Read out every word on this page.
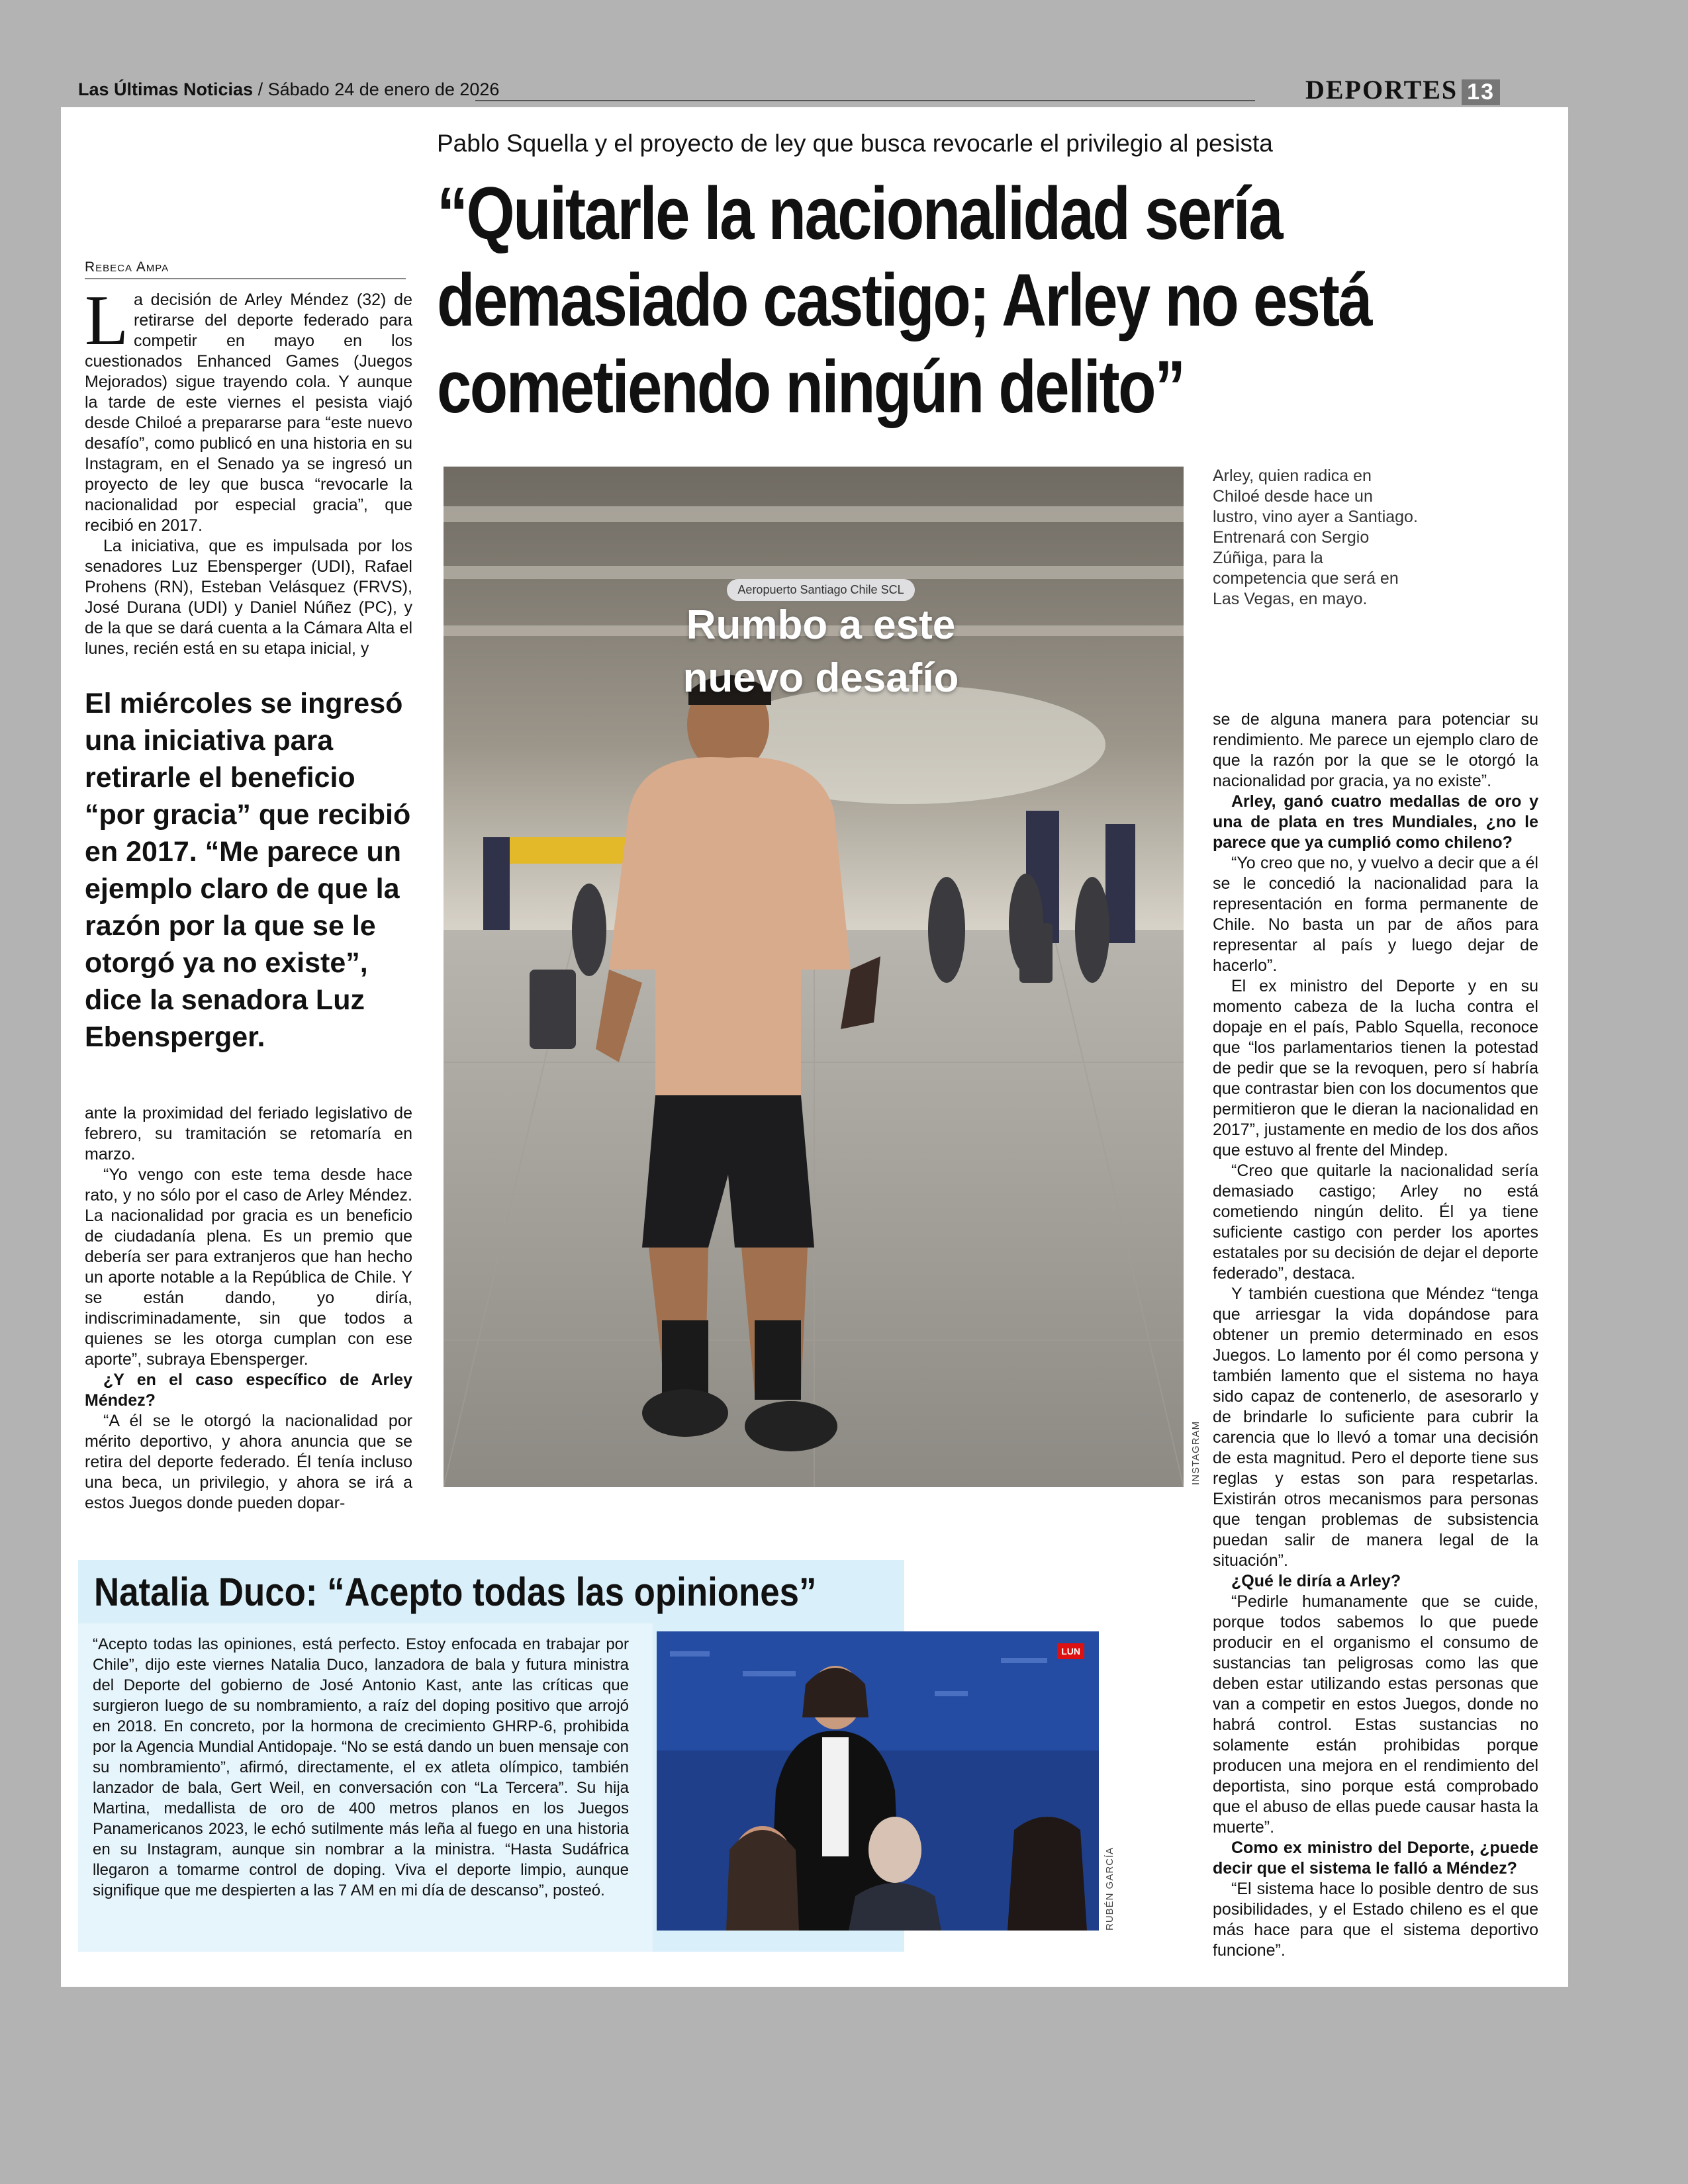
Las Últimas Noticias / Sábado 24 de enero de 2026	DEPORTES 13
Pablo Squella y el proyecto de ley que busca revocarle el privilegio al pesista
“Quitarle la nacionalidad sería
demasiado castigo; Arley no está
cometiendo ningún delito”
Rebeca Ampa

La decisión de Arley Méndez (32) de retirarse del deporte federado para competir en mayo en los cuestionados Enhanced Games (Juegos Mejorados) sigue trayendo cola. Y aunque la tarde de este viernes el pesista viajó desde Chiloé a prepararse para “este nuevo desafío”, como publicó en una historia en su Instagram, en el Senado ya se ingresó un proyecto de ley que busca “revocarle la nacionalidad por especial gracia”, que recibió en 2017.

La iniciativa, que es impulsada por los senadores Luz Ebensperger (UDI), Rafael Prohens (RN), Esteban Velásquez (FRVS), José Durana (UDI) y Daniel Núñez (PC), y de la que se dará cuenta a la Cámara Alta el lunes, recién está en su etapa inicial, y

El miércoles se ingresó una iniciativa para retirarle el beneficio “por gracia” que recibió en 2017. “Me parece un ejemplo claro de que la razón por la que se le otorgó ya no existe”, dice la senadora Luz Ebensperger.

ante la proximidad del feriado legislativo de febrero, su tramitación se retomaría en marzo.

“Yo vengo con este tema desde hace rato, y no sólo por el caso de Arley Méndez. La nacionalidad por gracia es un beneficio de ciudadanía plena. Es un premio que debería ser para extranjeros que han hecho un aporte notable a la República de Chile. Y se están dando, yo diría, indiscriminadamente, sin que todos a quienes se les otorga cumplan con ese aporte”, subraya Ebensperger.

¿Y en el caso específico de Arley Méndez?

“A él se le otorgó la nacionalidad por mérito deportivo, y ahora anuncia que se retira del deporte federado. Él tenía incluso una beca, un privilegio, y ahora se irá a estos Juegos donde pueden dopar-

Aeropuerto Santiago Chile SCL
Rumbo a este nuevo desafío
INSTAGRAM
Arley, quien radica en Chiloé desde hace un lustro, vino ayer a Santiago. Entrenará con Sergio Zúñiga, para la competencia que será en Las Vegas, en mayo.

se de alguna manera para potenciar su rendimiento. Me parece un ejemplo claro de que la razón por la que se le otorgó la nacionalidad por gracia, ya no existe”.

Arley, ganó cuatro medallas de oro y una de plata en tres Mundiales, ¿no le parece que ya cumplió como chileno?

“Yo creo que no, y vuelvo a decir que a él se le concedió la nacionalidad para la representación en forma permanente de Chile. No basta un par de años para representar al país y luego dejar de hacerlo”.

El ex ministro del Deporte y en su momento cabeza de la lucha contra el dopaje en el país, Pablo Squella, reconoce que “los parlamentarios tienen la potestad de pedir que se la revoquen, pero sí habría que contrastar bien con los documentos que permitieron que le dieran la nacionalidad en 2017”, justamente en medio de los dos años que estuvo al frente del Mindep.

“Creo que quitarle la nacionalidad sería demasiado castigo; Arley no está cometiendo ningún delito. Él ya tiene suficiente castigo con perder los aportes estatales por su decisión de dejar el deporte federado”, destaca.

Y también cuestiona que Méndez “tenga que arriesgar la vida dopándose para obtener un premio determinado en esos Juegos. Lo lamento por él como persona y también lamento que el sistema no haya sido capaz de contenerlo, de asesorarlo y de brindarle lo suficiente para cubrir la carencia que lo llevó a tomar una decisión de esta magnitud. Pero el deporte tiene sus reglas y estas son para respetarlas. Existirán otros mecanismos para personas que tengan problemas de subsistencia puedan salir de manera legal de la situación”.

¿Qué le diría a Arley?

“Pedirle humanamente que se cuide, porque todos sabemos lo que puede producir en el organismo el consumo de sustancias tan peligrosas como las que deben estar utilizando estas personas que van a competir en estos Juegos, donde no habrá control. Estas sustancias no solamente están prohibidas porque producen una mejora en el rendimiento del deportista, sino porque está comprobado que el abuso de ellas puede causar hasta la muerte”.

Como ex ministro del Deporte, ¿puede decir que el sistema le falló a Méndez?

“El sistema hace lo posible dentro de sus posibilidades, y el Estado chileno es el que más hace para que el sistema deportivo funcione”.

Natalia Duco: “Acepto todas las opiniones”
“Acepto todas las opiniones, está perfecto. Estoy enfocada en trabajar por Chile”, dijo este viernes Natalia Duco, lanzadora de bala y futura ministra del Deporte del gobierno de José Antonio Kast, ante las críticas que surgieron luego de su nombramiento, a raíz del doping positivo que arrojó en 2018. En concreto, por la hormona de crecimiento GHRP-6, prohibida por la Agencia Mundial Antidopaje. “No se está dando un buen mensaje con su nombramiento”, afirmó, directamente, el ex atleta olímpico, también lanzador de bala, Gert Weil, en conversación con “La Tercera”. Su hija Martina, medallista de oro de 400 metros planos en los Juegos Panamericanos 2023, le echó sutilmente más leña al fuego en una historia en su Instagram, aunque sin nombrar a la ministra. “Hasta Sudáfrica llegaron a tomarme control de doping. Viva el deporte limpio, aunque signifique que me despierten a las 7 AM en mi día de descanso”, posteó.
LUN
RUBÉN GARCÍA
